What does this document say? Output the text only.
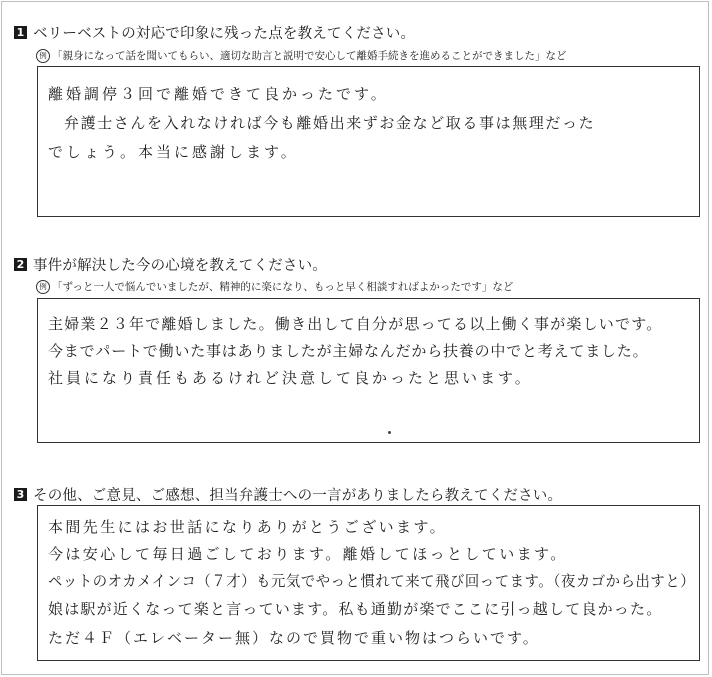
1 ベリーベストの対応で印象に残った点を教えてください。
例 「親身になって話を聞いてもらい、適切な助言と説明で安心して離婚手続きを進めることができました」など
離婚調停３回で離婚できて良かったです。
弁護士さんを入れなければ今も離婚出来ずお金など取る事は無理だった
でしょう。本当に感謝します。
2 事件が解決した今の心境を教えてください。
例 「ずっと一人で悩んでいましたが、精神的に楽になり、もっと早く相談すればよかったです」など
主婦業２３年で離婚しました。働き出して自分が思ってる以上働く事が楽しいです。
今までパートで働いた事はありましたが主婦なんだから扶養の中でと考えてました。
社員になり責任もあるけれど決意して良かったと思います。
3 その他、ご意見、ご感想、担当弁護士への一言がありましたら教えてください。
本間先生にはお世話になりありがとうございます。
今は安心して毎日過ごしております。離婚してほっとしています。
ペットのオカメインコ（７才）も元気でやっと慣れて来て飛び回ってます。（夜カゴから出すと）
娘は駅が近くなって楽と言っています。私も通勤が楽でここに引っ越して良かった。
ただ４Ｆ（エレベーター無）なので買物で重い物はつらいです。
